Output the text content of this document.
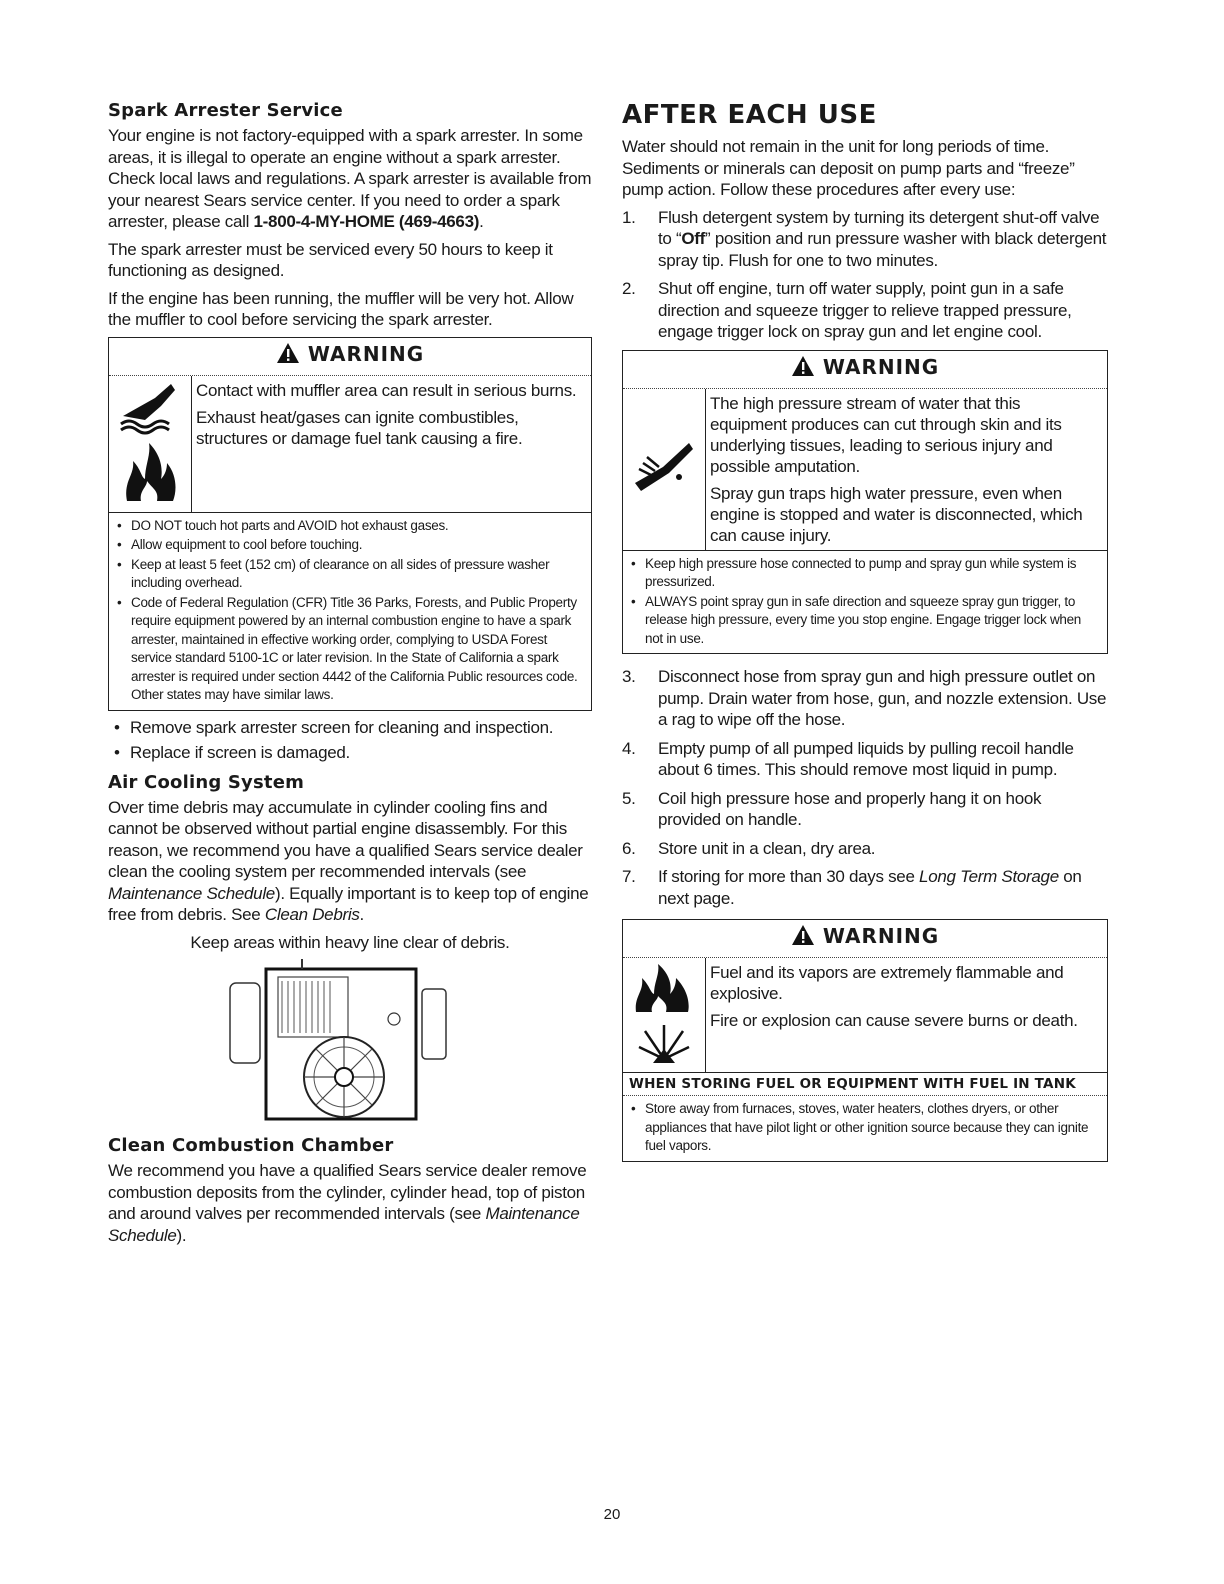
Spark Arrester Service

Your engine is not factory-equipped with a spark arrester. In some areas, it is illegal to operate an engine without a spark arrester. Check local laws and regulations. A spark arrester is available from your nearest Sears service center. If you need to order a spark arrester, please call 1-800-4-MY-HOME (469-4663).

The spark arrester must be serviced every 50 hours to keep it functioning as designed.

If the engine has been running, the muffler will be very hot. Allow the muffler to cool before servicing the spark arrester.

WARNING

Contact with muffler area can result in serious burns.

Exhaust heat/gases can ignite combustibles, structures or damage fuel tank causing a fire.

• DO NOT touch hot parts and AVOID hot exhaust gases.
• Allow equipment to cool before touching.
• Keep at least 5 feet (152 cm) of clearance on all sides of pressure washer including overhead.
• Code of Federal Regulation (CFR) Title 36 Parks, Forests, and Public Property require equipment powered by an internal combustion engine to have a spark arrester, maintained in effective working order, complying to USDA Forest service standard 5100-1C or later revision. In the State of California a spark arrester is required under section 4442 of the California Public resources code. Other states may have similar laws.
• Remove spark arrester screen for cleaning and inspection.
• Replace if screen is damaged.
Air Cooling System

Over time debris may accumulate in cylinder cooling fins and cannot be observed without partial engine disassembly. For this reason, we recommend you have a qualified Sears service dealer clean the cooling system per recommended intervals (see Maintenance Schedule). Equally important is to keep top of engine free from debris. See Clean Debris.

Keep areas within heavy line clear of debris.

Clean Combustion Chamber

We recommend you have a qualified Sears service dealer remove combustion deposits from the cylinder, cylinder head, top of piston and around valves per recommended intervals (see Maintenance Schedule).

AFTER EACH USE

Water should not remain in the unit for long periods of time. Sediments or minerals can deposit on pump parts and “freeze” pump action. Follow these procedures after every use:

1. Flush detergent system by turning its detergent shut-off valve to “Off” position and run pressure washer with black detergent spray tip. Flush for one to two minutes.
2. Shut off engine, turn off water supply, point gun in a safe direction and squeeze trigger to relieve trapped pressure, engage trigger lock on spray gun and let engine cool.
WARNING

The high pressure stream of water that this equipment produces can cut through skin and its underlying tissues, leading to serious injury and possible amputation.

Spray gun traps high water pressure, even when engine is stopped and water is disconnected, which can cause injury.

• Keep high pressure hose connected to pump and spray gun while system is pressurized.
• ALWAYS point spray gun in safe direction and squeeze spray gun trigger, to release high pressure, every time you stop engine. Engage trigger lock when not in use.
3. Disconnect hose from spray gun and high pressure outlet on pump. Drain water from hose, gun, and nozzle extension. Use a rag to wipe off the hose.
4. Empty pump of all pumped liquids by pulling recoil handle about 6 times. This should remove most liquid in pump.
5. Coil high pressure hose and properly hang it on hook provided on handle.
6. Store unit in a clean, dry area.
7. If storing for more than 30 days see Long Term Storage on next page.
WARNING

Fuel and its vapors are extremely flammable and explosive.

Fire or explosion can cause severe burns or death.

WHEN STORING FUEL OR EQUIPMENT WITH FUEL IN TANK
• Store away from furnaces, stoves, water heaters, clothes dryers, or other appliances that have pilot light or other ignition source because they can ignite fuel vapors.
20
